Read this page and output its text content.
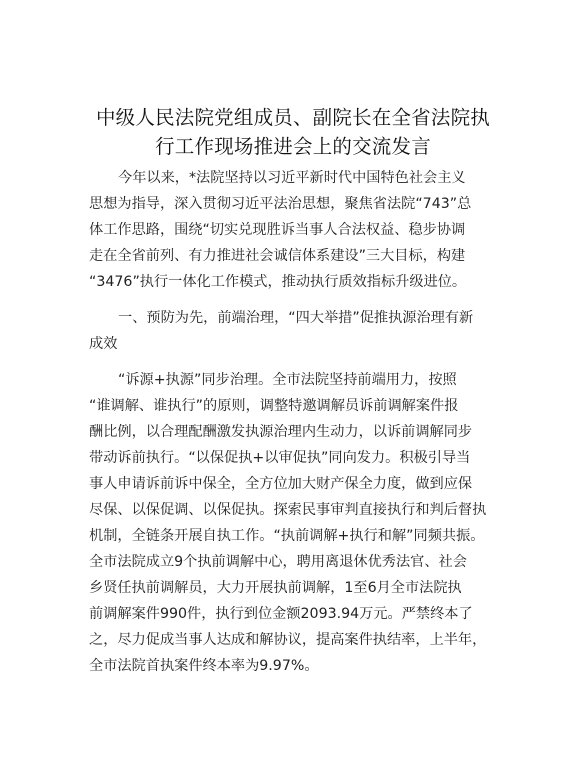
中级人民法院党组成员、副院长在全省法院执
行工作现场推进会上的交流发言
今年以来，*法院坚持以习近平新时代中国特色社会主义
思想为指导，深入贯彻习近平法治思想，聚焦省法院“743”总
体工作思路，围绕“切实兑现胜诉当事人合法权益、稳步协调
走在全省前列、有力推进社会诚信体系建设”三大目标，构建
“3476”执行一体化工作模式，推动执行质效指标升级进位。
一、预防为先，前端治理，“四大举措”促推执源治理有新
成效
“诉源+执源”同步治理。全市法院坚持前端用力，按照
“谁调解、谁执行”的原则，调整特邀调解员诉前调解案件报
酬比例，以合理配酬激发执源治理内生动力，以诉前调解同步
带动诉前执行。“以保促执+以审促执”同向发力。积极引导当
事人申请诉前诉中保全，全方位加大财产保全力度，做到应保
尽保、以保促调、以保促执。探索民事审判直接执行和判后督执
机制，全链条开展自执工作。“执前调解+执行和解”同频共振。
全市法院成立9个执前调解中心，聘用离退休优秀法官、社会
乡贤任执前调解员，大力开展执前调解，1至6月全市法院执
前调解案件990件，执行到位金额2093.94万元。严禁终本了
之，尽力促成当事人达成和解协议，提高案件执结率，上半年，
全市法院首执案件终本率为9.97%。
